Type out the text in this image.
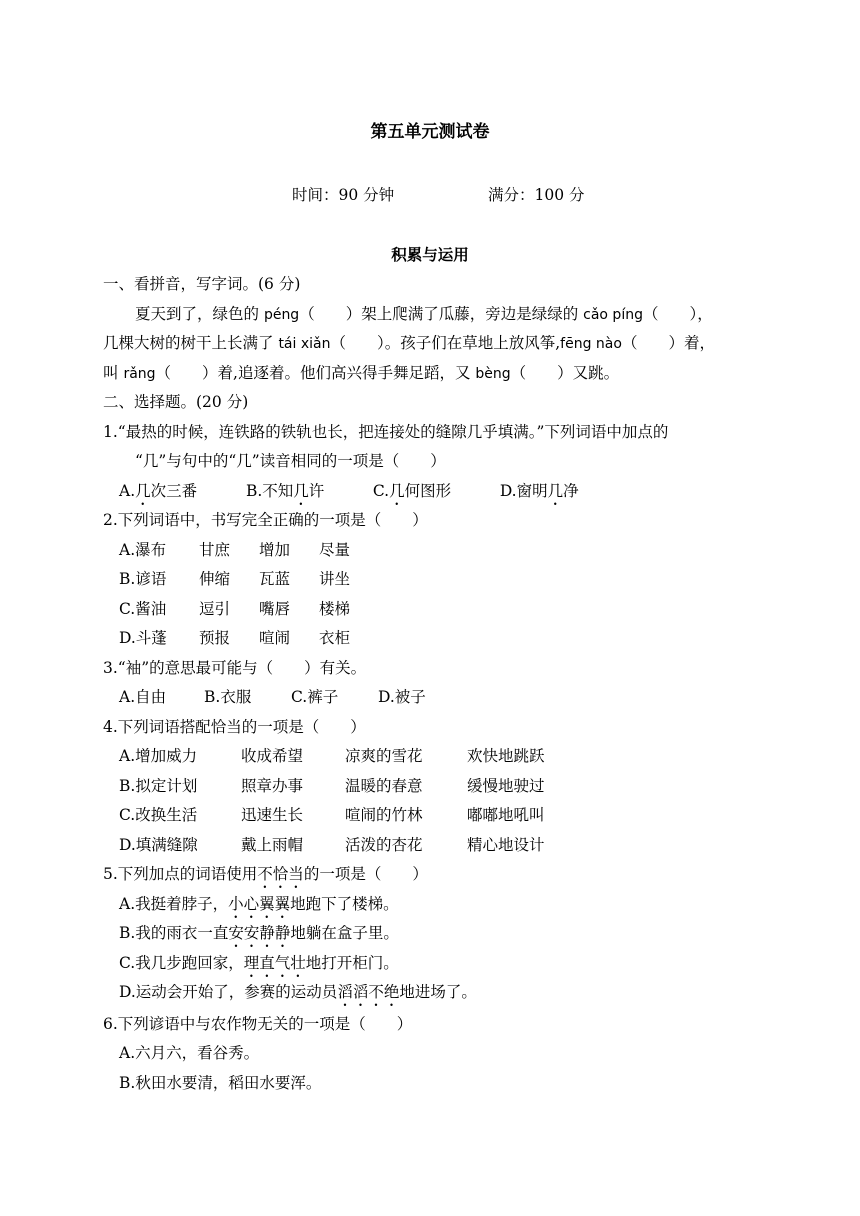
第五单元测试卷
时间：90 分钟	满分：100 分
积累与运用
一、看拼音，写字词。(6 分)
夏天到了，绿色的 péng（　　）架上爬满了瓜藤，旁边是绿绿的 cǎo píng（　　），
几棵大树的树干上长满了 tái xiǎn（　　）。孩子们在草地上放风筝,fēng nào（　　）着，
叫 rǎng（　　）着,追逐着。他们高兴得手舞足蹈，又 bèng（　　）又跳。
二、选择题。(20 分)
1.“最热的时候，连铁路的铁轨也长，把连接处的缝隙几乎填满。”下列词语中加点的
“几”与句中的“几”读音相同的一项是（　　）
A.几次三番	B.不知几许	C.几何图形	D.窗明几净
2.下列词语中，书写完全正确的一项是（　　）
A.瀑布 甘庶 增加 尽量
B.谚语 伸缩 瓦蓝 讲坐
C.酱油 逗引 嘴唇 楼梯
D.斗蓬 预报 喧闹 衣柜
3.“袖”的意思最可能与（　　）有关。
A.自由 B.衣服	C.裤子	D.被子
4.下列词语搭配恰当的一项是（　　）
A.增加威力	收成希望	凉爽的雪花	欢快地跳跃
B.拟定计划	照章办事	温暖的春意	缓慢地驶过
C.改换生活	迅速生长	喧闹的竹林	嘟嘟地吼叫
D.填满缝隙	戴上雨帽	活泼的杏花	精心地设计
5.下列加点的词语使用不恰当的一项是（　　）
A.我挺着脖子，小心翼翼地跑下了楼梯。
B.我的雨衣一直安安静静地躺在盒子里。
C.我几步跑回家，理直气壮地打开柜门。
D.运动会开始了，参赛的运动员滔滔不绝地进场了。
6.下列谚语中与农作物无关的一项是（　　）
A.六月六，看谷秀。
B.秋田水要清，稻田水要浑。
